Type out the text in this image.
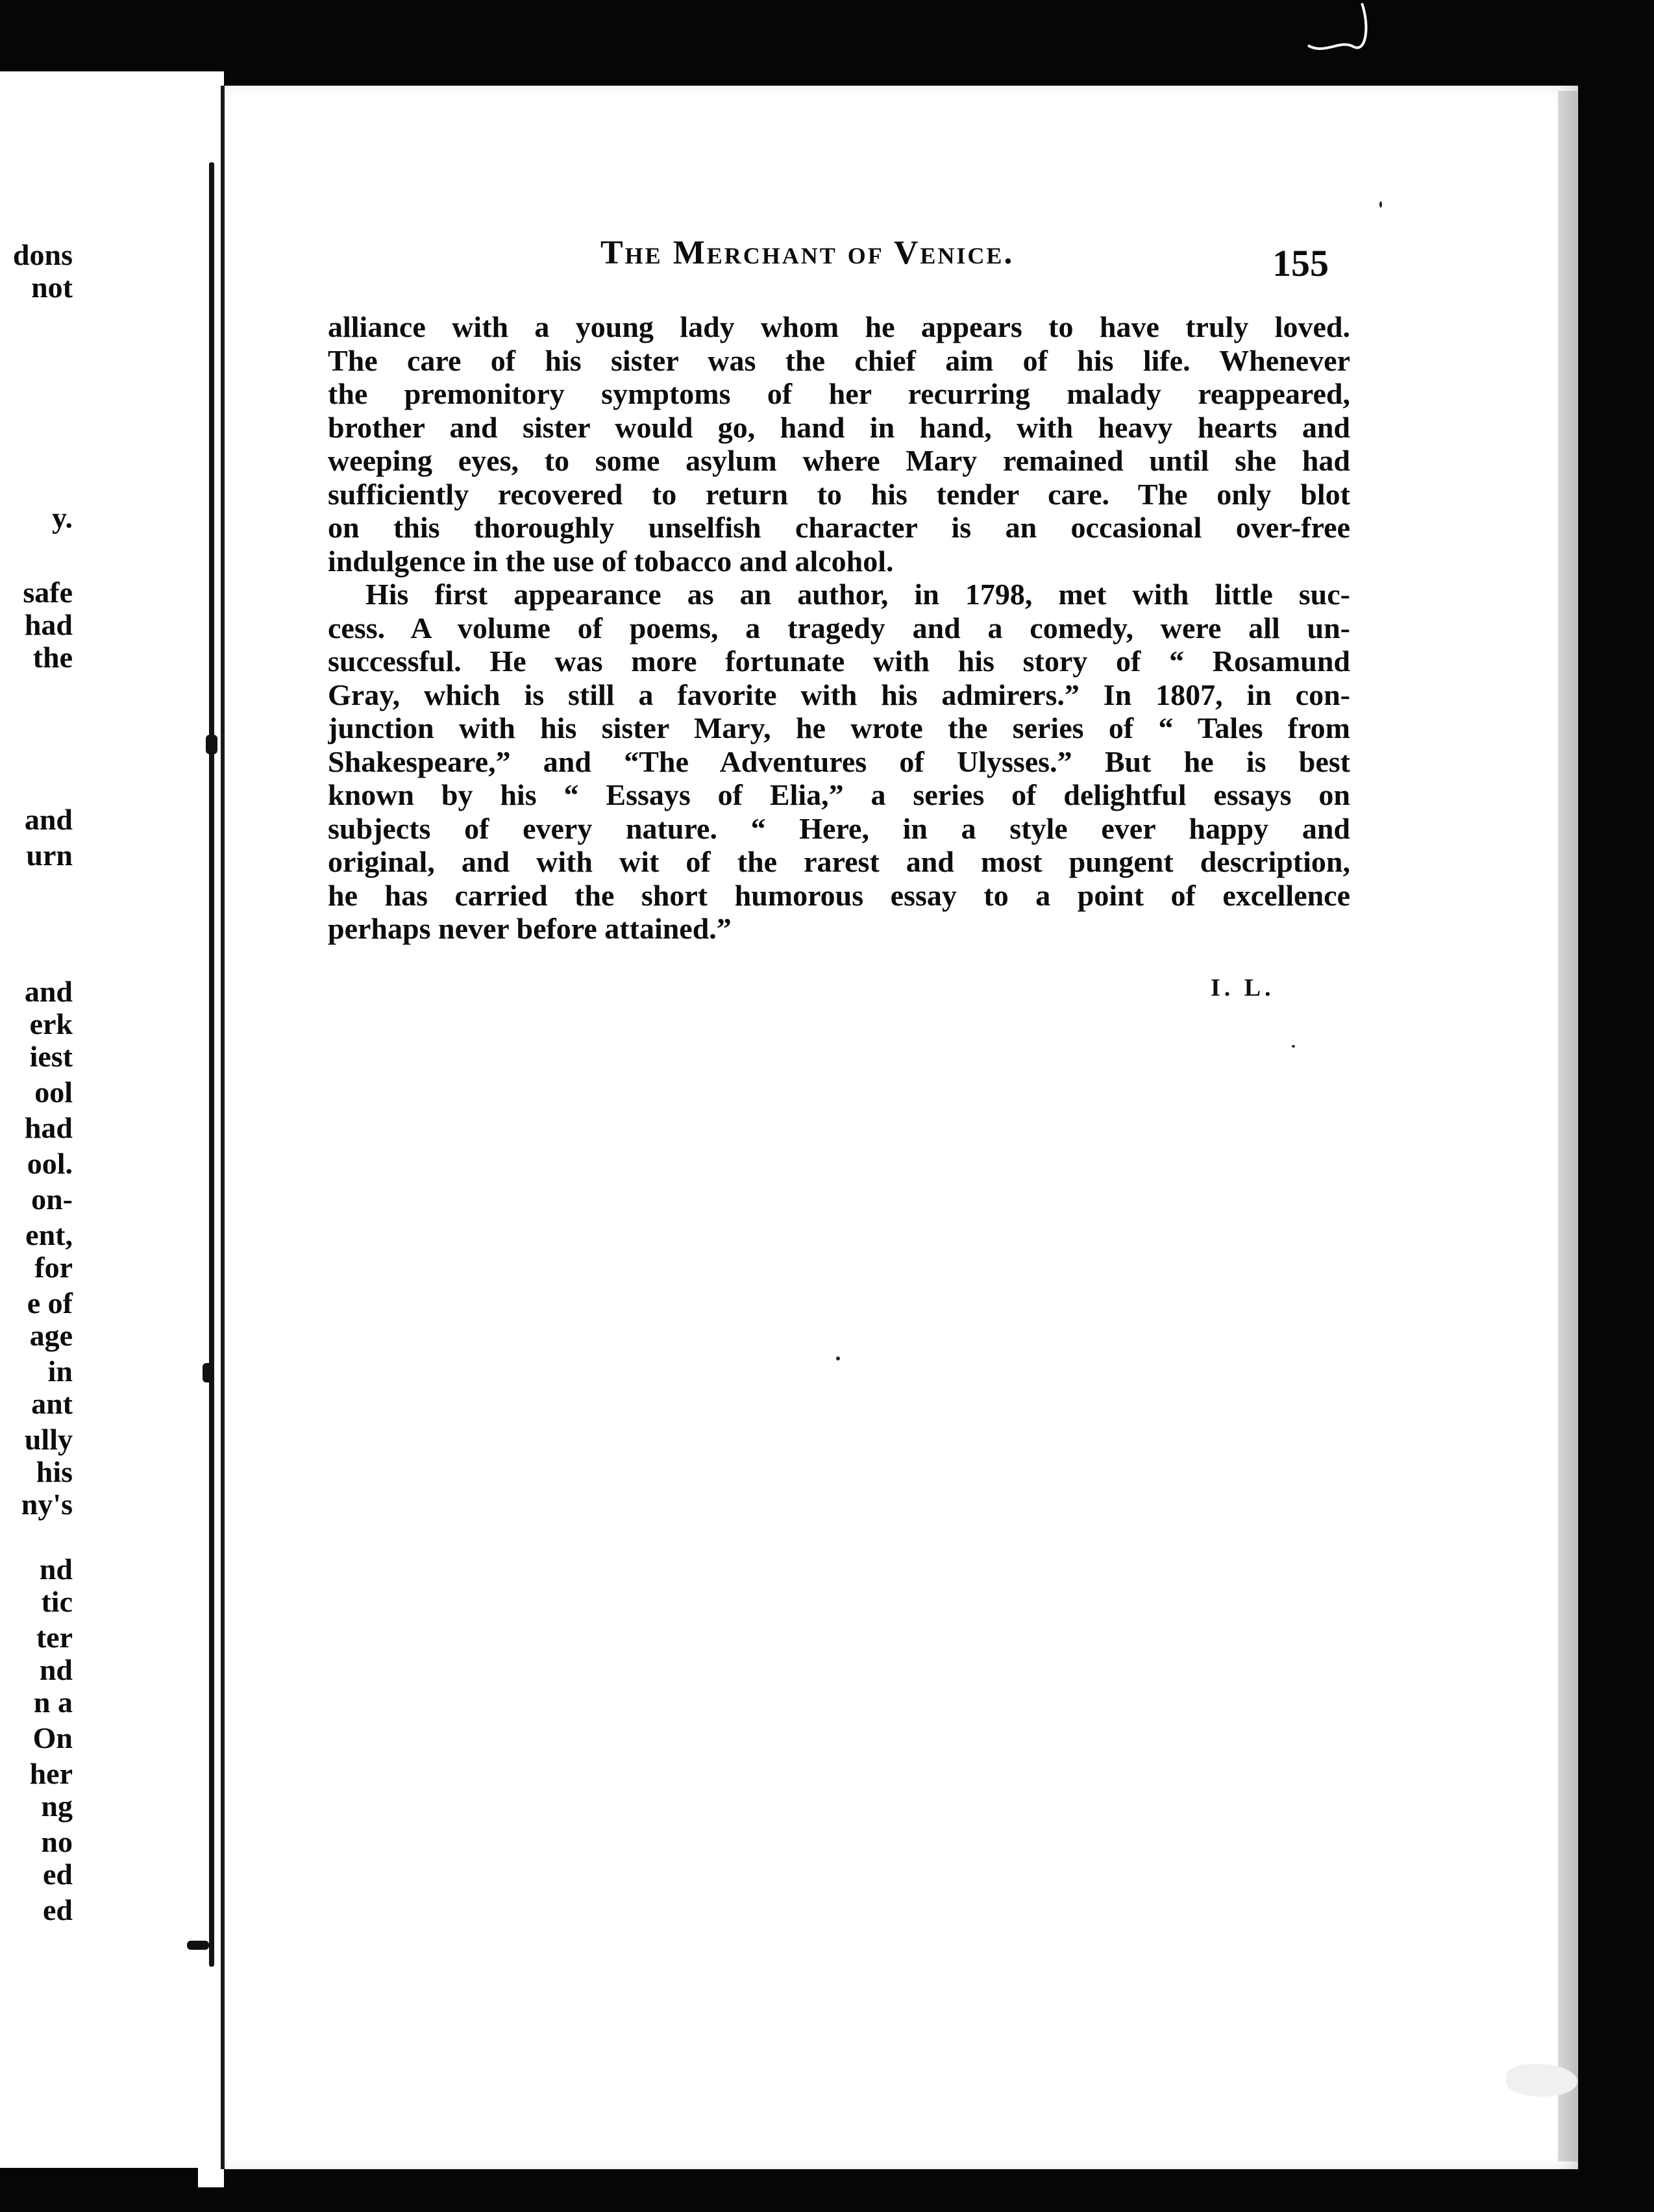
dons
not
y.
safe
had
the
and
urn
and
erk
iest
ool
had
ool.
on-
ent,
for
e of
age
in
ant
ully
his
ny's
nd
tic
ter
nd
n a
On
her
ng
no
ed
ed
The Merchant of Venice.	155
alliance with a young lady whom he appears to have truly loved.
The care of his sister was the chief aim of his life. Whenever
the premonitory symptoms of her recurring malady reappeared,
brother and sister would go, hand in hand, with heavy hearts and
weeping eyes, to some asylum where Mary remained until she had
sufficiently recovered to return to his tender care. The only blot
on this thoroughly unselfish character is an occasional over-free
indulgence in the use of tobacco and alcohol.
His first appearance as an author, in 1798, met with little suc-
cess. A volume of poems, a tragedy and a comedy, were all un-
successful. He was more fortunate with his story of “ Rosamund
Gray, which is still a favorite with his admirers.” In 1807, in con-
junction with his sister Mary, he wrote the series of “ Tales from
Shakespeare,” and “The Adventures of Ulysses.” But he is best
known by his “ Essays of Elia,” a series of delightful essays on
subjects of every nature. “ Here, in a style ever happy and
original, and with wit of the rarest and most pungent description,
he has carried the short humorous essay to a point of excellence
perhaps never before attained.”
I. L.
